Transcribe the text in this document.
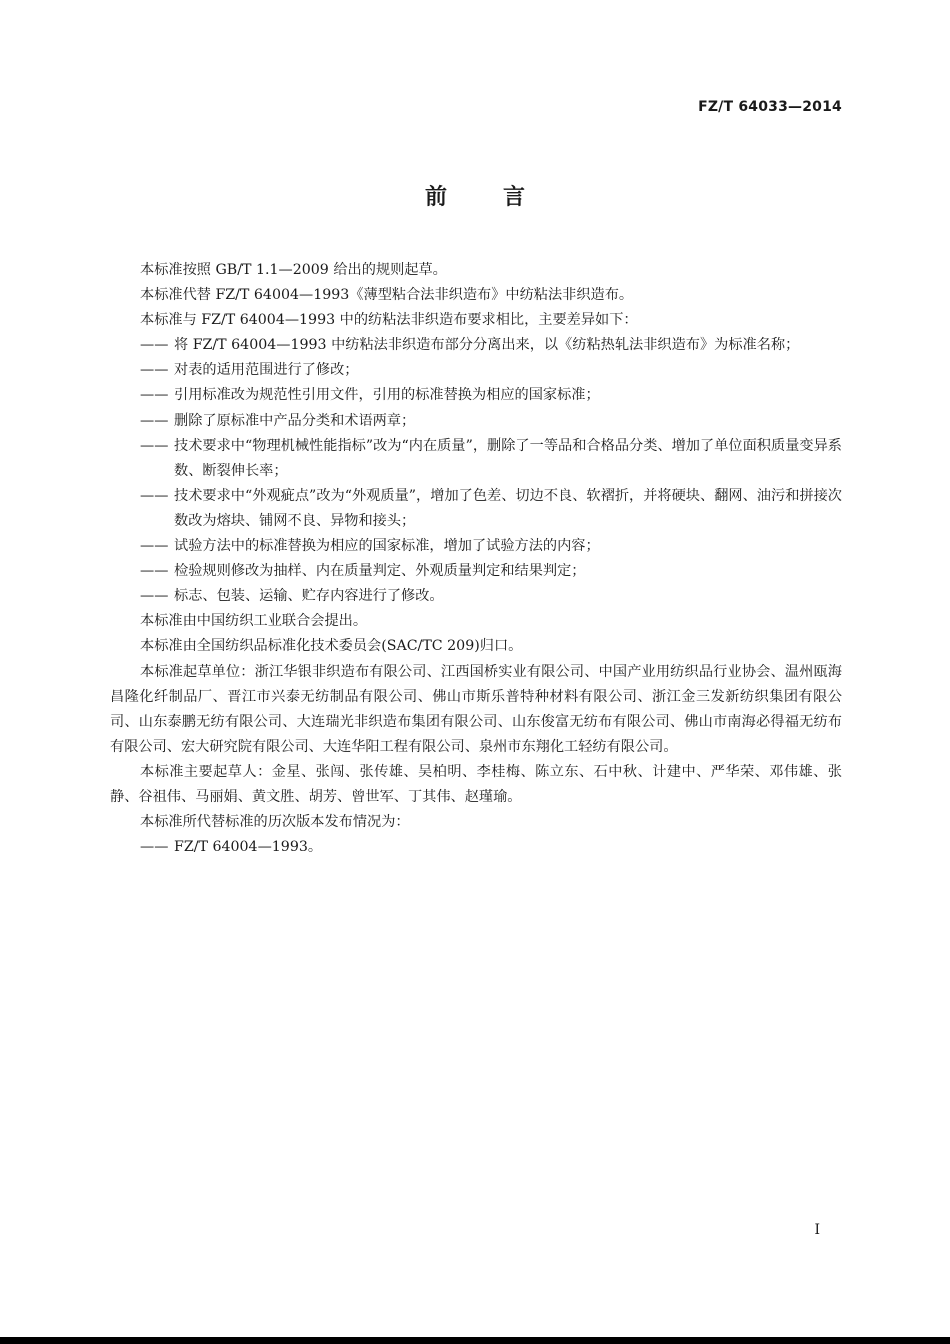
FZ/T 64033—2014
前	言

本标准按照 GB/T 1.1—2009 给出的规则起草。

本标准代替 FZ/T 64004—1993《薄型粘合法非织造布》中纺粘法非织造布。

本标准与 FZ/T 64004—1993 中的纺粘法非织造布要求相比，主要差异如下：

—— 将 FZ/T 64004—1993 中纺粘法非织造布部分分离出来，以《纺粘热轧法非织造布》为标准名称；

—— 对表的适用范围进行了修改；

—— 引用标准改为规范性引用文件，引用的标准替换为相应的国家标准；

—— 删除了原标准中产品分类和术语两章；

—— 技术要求中“物理机械性能指标”改为“内在质量”，删除了一等品和合格品分类、增加了单位面积质量变异系数、断裂伸长率；

—— 技术要求中“外观疵点”改为“外观质量”，增加了色差、切边不良、软褶折，并将硬块、翻网、油污和拼接次数改为熔块、铺网不良、异物和接头；

—— 试验方法中的标准替换为相应的国家标准，增加了试验方法的内容；

—— 检验规则修改为抽样、内在质量判定、外观质量判定和结果判定；

—— 标志、包装、运输、贮存内容进行了修改。

本标准由中国纺织工业联合会提出。

本标准由全国纺织品标准化技术委员会(SAC/TC 209)归口。

本标准起草单位：浙江华银非织造布有限公司、江西国桥实业有限公司、中国产业用纺织品行业协会、温州瓯海昌隆化纤制品厂、晋江市兴泰无纺制品有限公司、佛山市斯乐普特种材料有限公司、浙江金三发新纺织集团有限公司、山东泰鹏无纺有限公司、大连瑞光非织造布集团有限公司、山东俊富无纺布有限公司、佛山市南海必得福无纺布有限公司、宏大研究院有限公司、大连华阳工程有限公司、泉州市东翔化工轻纺有限公司。

本标准主要起草人：金星、张闯、张传雄、吴柏明、李桂梅、陈立东、石中秋、计建中、严华荣、邓伟雄、张静、谷祖伟、马丽娟、黄文胜、胡芳、曾世军、丁其伟、赵瑾瑜。

本标准所代替标准的历次版本发布情况为：

—— FZ/T 64004—1993。

I
